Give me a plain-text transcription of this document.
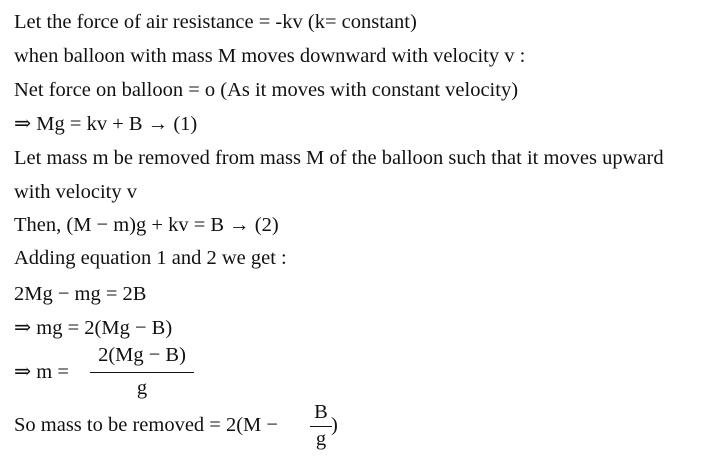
Let the force of air resistance = -kv (k= constant)
when balloon with mass M moves downward with velocity v :
Net force on balloon = o (As it moves with constant velocity)
⇒ Mg = kv + B → (1)
Let mass m be removed from mass M of the balloon such that it moves upward
with velocity v
Then, (M − m)g + kv = B → (2)
Adding equation 1 and 2 we get :
2Mg − mg = 2B
⇒ mg = 2(Mg − B)
⇒ m =
2(Mg − B)
g
So mass to be removed = 2(M −
B
g
)
